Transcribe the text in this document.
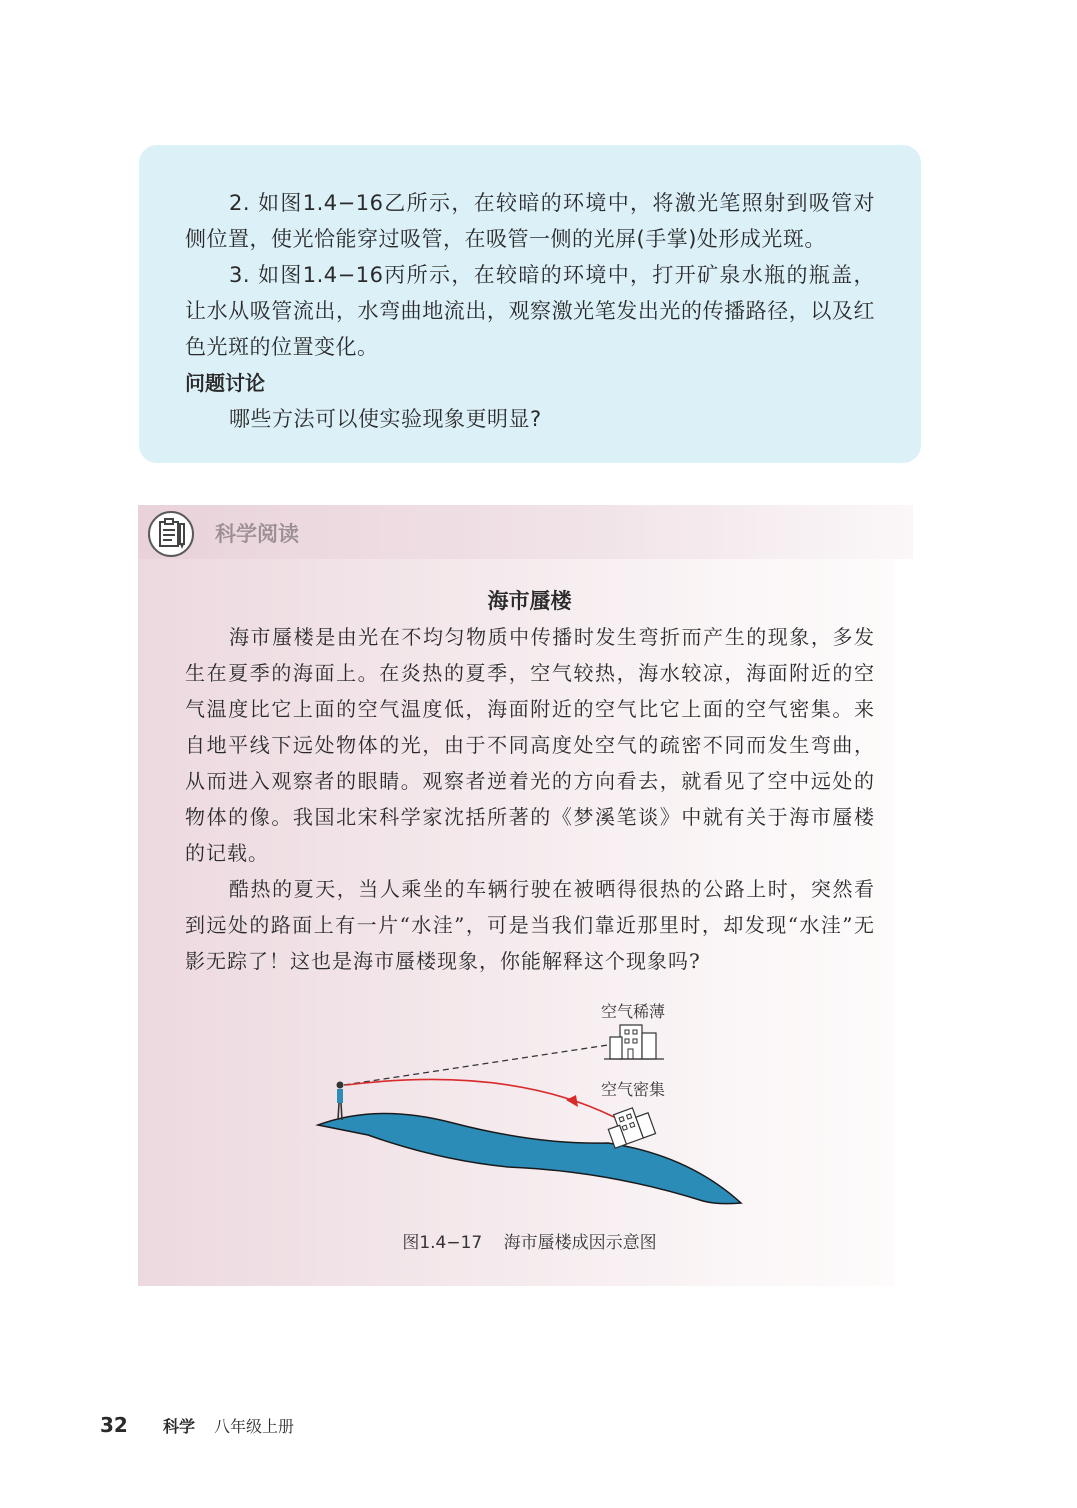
2. 如图1.4−16乙所示，在较暗的环境中，将激光笔照射到吸管对侧位置，使光恰能穿过吸管，在吸管一侧的光屏(手掌)处形成光斑。

3. 如图1.4−16丙所示，在较暗的环境中，打开矿泉水瓶的瓶盖，让水从吸管流出，水弯曲地流出，观察激光笔发出光的传播路径，以及红色光斑的位置变化。

问题讨论

哪些方法可以使实验现象更明显?

科学阅读
海市蜃楼

海市蜃楼是由光在不均匀物质中传播时发生弯折而产生的现象，多发生在夏季的海面上。在炎热的夏季，空气较热，海水较凉，海面附近的空气温度比它上面的空气温度低，海面附近的空气比它上面的空气密集。来自地平线下远处物体的光，由于不同高度处空气的疏密不同而发生弯曲，从而进入观察者的眼睛。观察者逆着光的方向看去，就看见了空中远处的物体的像。我国北宋科学家沈括所著的《梦溪笔谈》中就有关于海市蜃楼的记载。

酷热的夏天，当人乘坐的车辆行驶在被晒得很热的公路上时，突然看到远处的路面上有一片“水洼”，可是当我们靠近那里时，却发现“水洼”无影无踪了！这也是海市蜃楼现象，你能解释这个现象吗?

空气稀薄
空气密集
图1.4−17 海市蜃楼成因示意图
32 科学 八年级上册
